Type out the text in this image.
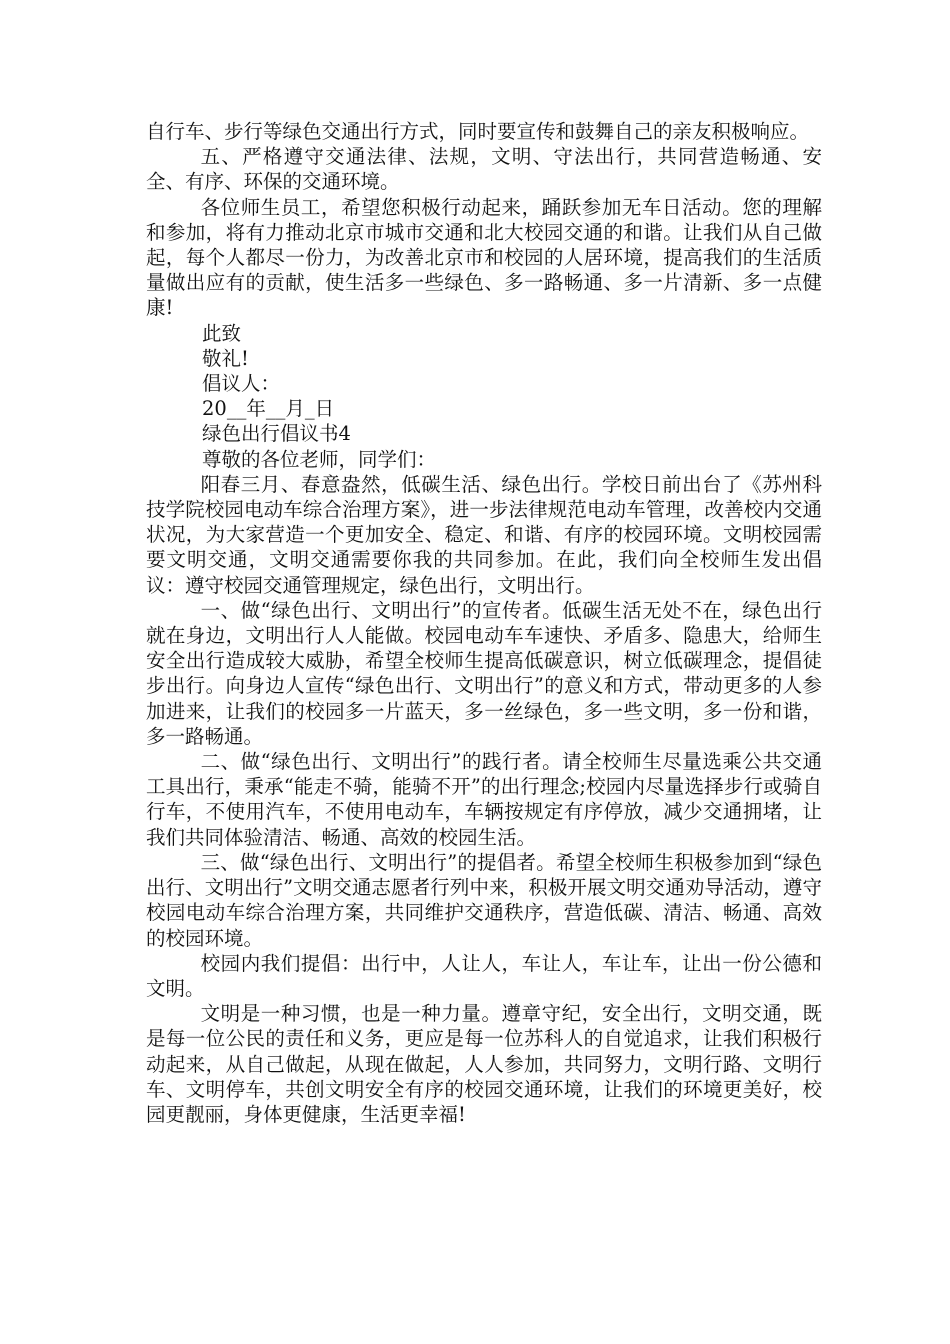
自行车、步行等绿色交通出行方式，同时要宣传和鼓舞自己的亲友积极响应。

五、严格遵守交通法律、法规，文明、守法出行，共同营造畅通、安全、有序、环保的交通环境。

各位师生员工，希望您积极行动起来，踊跃参加无车日活动。您的理解和参加，将有力推动北京市城市交通和北大校园交通的和谐。让我们从自己做起，每个人都尽一份力，为改善北京市和校园的人居环境，提高我们的生活质量做出应有的贡献，使生活多一些绿色、多一路畅通、多一片清新、多一点健康!

此致

敬礼!

倡议人：

20__年__月_日

绿色出行倡议书4

尊敬的各位老师，同学们：

阳春三月、春意盎然，低碳生活、绿色出行。学校日前出台了《苏州科技学院校园电动车综合治理方案》，进一步法律规范电动车管理，改善校内交通状况，为大家营造一个更加安全、稳定、和谐、有序的校园环境。文明校园需要文明交通，文明交通需要你我的共同参加。在此，我们向全校师生发出倡议：遵守校园交通管理规定，绿色出行，文明出行。

一、做“绿色出行、文明出行”的宣传者。低碳生活无处不在，绿色出行就在身边，文明出行人人能做。校园电动车车速快、矛盾多、隐患大，给师生安全出行造成较大威胁，希望全校师生提高低碳意识，树立低碳理念，提倡徒步出行。向身边人宣传“绿色出行、文明出行”的意义和方式，带动更多的人参加进来，让我们的校园多一片蓝天，多一丝绿色，多一些文明，多一份和谐，多一路畅通。

二、做“绿色出行、文明出行”的践行者。请全校师生尽量选乘公共交通工具出行，秉承“能走不骑，能骑不开”的出行理念;校园内尽量选择步行或骑自行车，不使用汽车，不使用电动车，车辆按规定有序停放，减少交通拥堵，让我们共同体验清洁、畅通、高效的校园生活。

三、做“绿色出行、文明出行”的提倡者。希望全校师生积极参加到“绿色出行、文明出行”文明交通志愿者行列中来，积极开展文明交通劝导活动，遵守校园电动车综合治理方案，共同维护交通秩序，营造低碳、清洁、畅通、高效的校园环境。

校园内我们提倡：出行中，人让人，车让人，车让车，让出一份公德和文明。

文明是一种习惯，也是一种力量。遵章守纪，安全出行，文明交通，既是每一位公民的责任和义务，更应是每一位苏科人的自觉追求，让我们积极行动起来，从自己做起，从现在做起，人人参加，共同努力，文明行路、文明行车、文明停车，共创文明安全有序的校园交通环境，让我们的环境更美好，校园更靓丽，身体更健康，生活更幸福!
